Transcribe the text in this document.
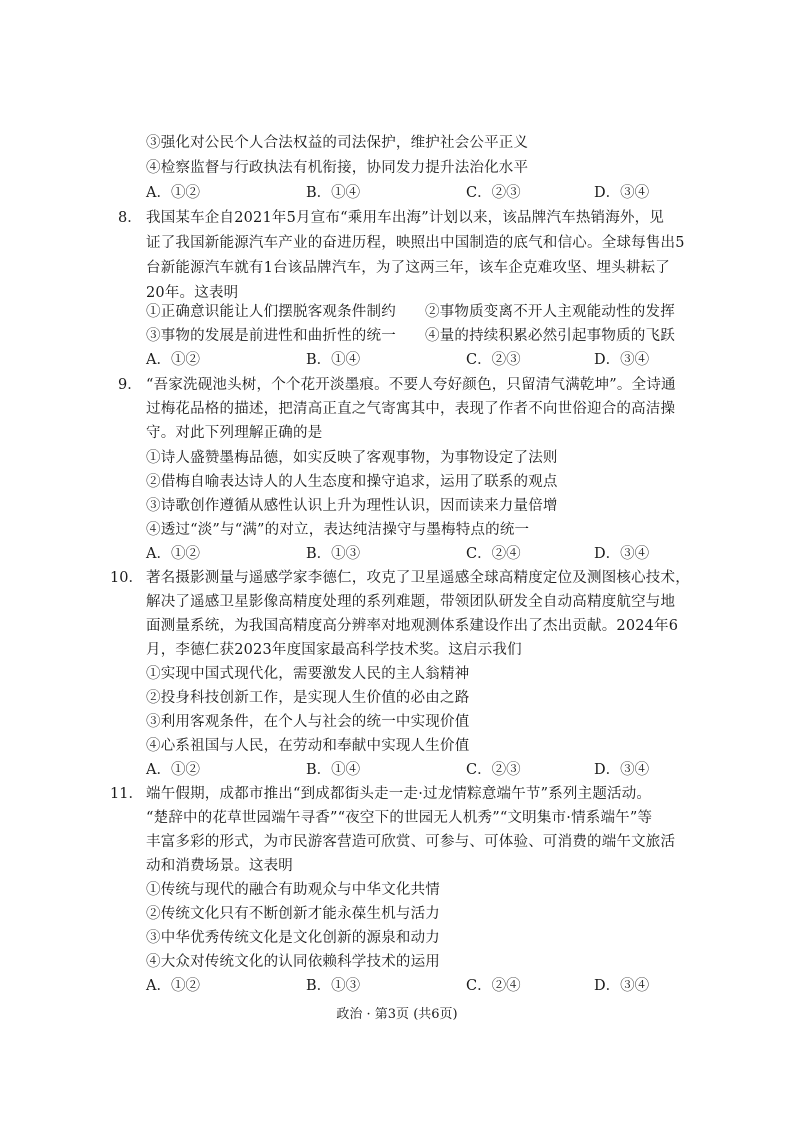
③强化对公民个人合法权益的司法保护，维护社会公平正义
④检察监督与行政执法有机衔接，协同发力提升法治化水平
A．①②	B．①④	C．②③	D．③④
8． 我国某车企自2021年5月宣布“乘用车出海”计划以来，该品牌汽车热销海外，见
证了我国新能源汽车产业的奋进历程，映照出中国制造的底气和信心。全球每售出5
台新能源汽车就有1台该品牌汽车，为了这两三年，该车企克难攻坚、埋头耕耘了
20年。这表明
①正确意识能让人们摆脱客观条件制约 ②事物质变离不开人主观能动性的发挥
③事物的发展是前进性和曲折性的统一 ④量的持续积累必然引起事物质的飞跃
A．①②	B．①④	C．②③	D．③④
9． “吾家洗砚池头树，个个花开淡墨痕。不要人夸好颜色，只留清气满乾坤”。全诗通
过梅花品格的描述，把清高正直之气寄寓其中，表现了作者不向世俗迎合的高洁操
守。对此下列理解正确的是
①诗人盛赞墨梅品德，如实反映了客观事物，为事物设定了法则
②借梅自喻表达诗人的人生态度和操守追求，运用了联系的观点
③诗歌创作遵循从感性认识上升为理性认识，因而读来力量倍增
④透过“淡”与“满”的对立，表达纯洁操守与墨梅特点的统一
A．①②	B．①③	C．②④	D．③④
10． 著名摄影测量与遥感学家李德仁，攻克了卫星遥感全球高精度定位及测图核心技术，
解决了遥感卫星影像高精度处理的系列难题，带领团队研发全自动高精度航空与地
面测量系统，为我国高精度高分辨率对地观测体系建设作出了杰出贡献。2024年6
月，李德仁获2023年度国家最高科学技术奖。这启示我们
①实现中国式现代化，需要激发人民的主人翁精神
②投身科技创新工作，是实现人生价值的必由之路
③利用客观条件，在个人与社会的统一中实现价值
④心系祖国与人民，在劳动和奉献中实现人生价值
A．①②	B．①④	C．②③	D．③④
11． 端午假期，成都市推出“到成都街头走一走·过龙情粽意端午节”系列主题活动。
“楚辞中的花草世园端午寻香”“夜空下的世园无人机秀”“文明集市·情系端午”等
丰富多彩的形式，为市民游客营造可欣赏、可参与、可体验、可消费的端午文旅活
动和消费场景。这表明
①传统与现代的融合有助观众与中华文化共情
②传统文化只有不断创新才能永葆生机与活力
③中华优秀传统文化是文化创新的源泉和动力
④大众对传统文化的认同依赖科学技术的运用
A．①②	B．①③	C．②④	D．③④
政治 · 第3页 (共6页)
